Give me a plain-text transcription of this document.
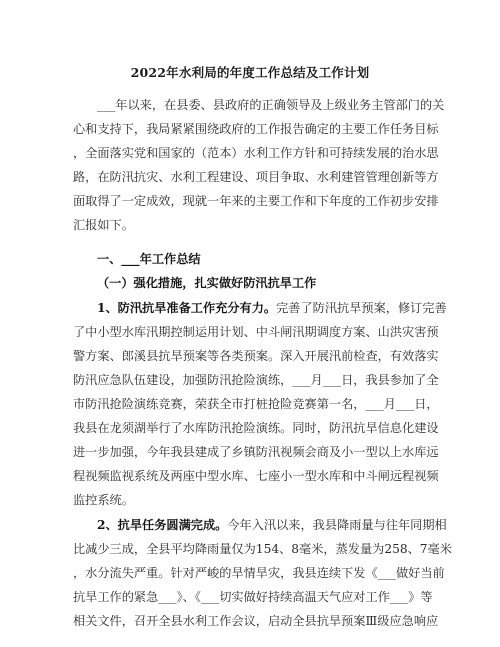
2022年水利局的年度工作总结及工作计划
___年以来，在县委、县政府的正确领导及上级业务主管部门的关
心和支持下，我局紧紧围绕政府的工作报告确定的主要工作任务目标
，全面落实党和国家的（范本）水利工作方针和可持续发展的治水思
路，在防汛抗灾、水利工程建设、项目争取、水利建管管理创新等方
面取得了一定成效，现就一年来的主要工作和下年度的工作初步安排
汇报如下。
一、___年工作总结
（一）强化措施，扎实做好防汛抗旱工作
1、防汛抗旱准备工作充分有力。完善了防汛抗旱预案，修订完善
了中小型水库汛期控制运用计划、中斗闸汛期调度方案、山洪灾害预
警方案、郎溪县抗旱预案等各类预案。深入开展汛前检查，有效落实
防汛应急队伍建设，加强防汛抢险演练，___月___日，我县参加了全
市防汛抢险演练竞赛，荣获全市打桩抢险竞赛第一名，___月___日，
我县在龙须湖举行了水库防汛抢险演练。同时，防汛抗旱信息化建设
进一步加强，今年我县建成了乡镇防汛视频会商及小一型以上水库远
程视频监视系统及两座中型水库、七座小一型水库和中斗闸远程视频
监控系统。
2、抗旱任务圆满完成。今年入汛以来，我县降雨量与往年同期相
比减少三成，全县平均降雨量仅为154、8毫米，蒸发量为258、7毫米
，水分流失严重。针对严峻的旱情旱灾，我县连续下发《___做好当前
抗旱工作的紧急___》、《___切实做好持续高温天气应对工作___》等
相关文件，召开全县水利工作会议，启动全县抗旱预案Ⅲ级应急响应
